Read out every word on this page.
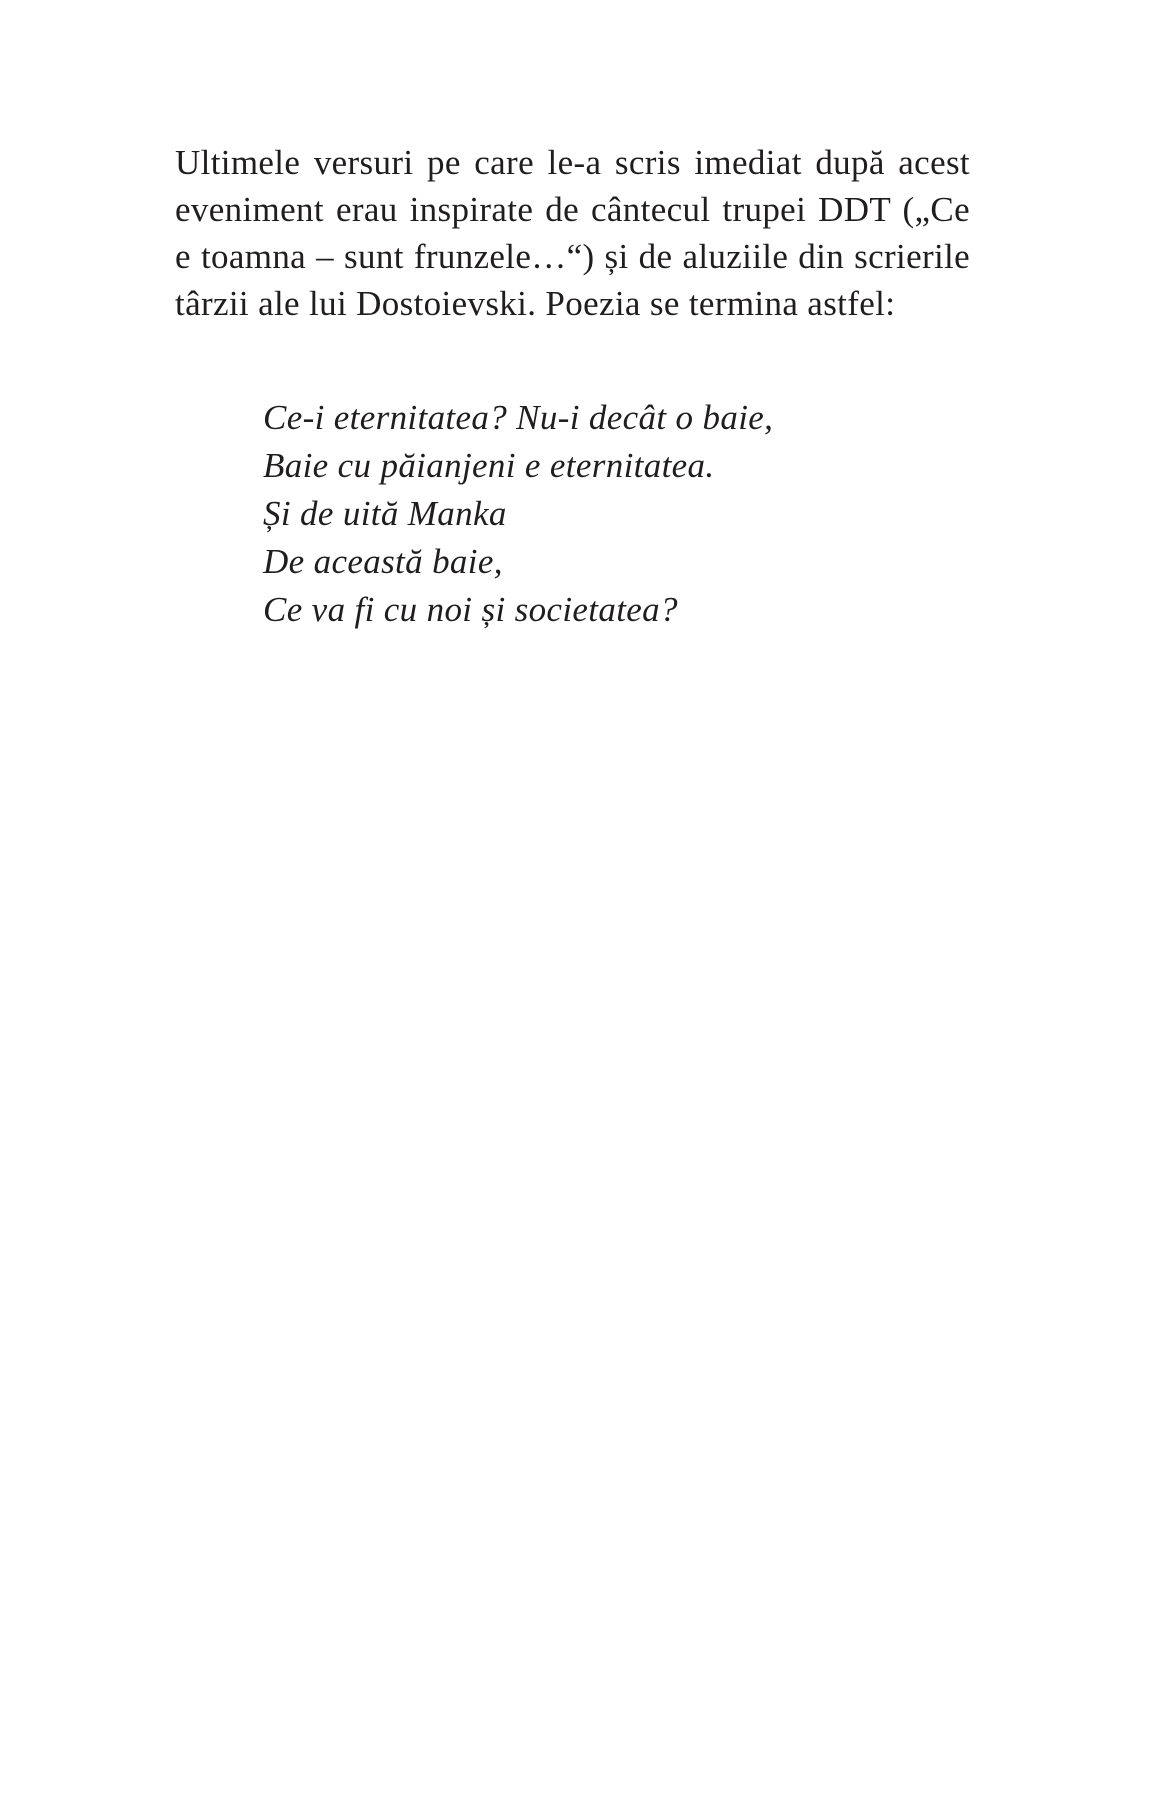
Ultimele versuri pe care le-a scris imediat după acest
eveniment erau inspirate de cântecul trupei DDT („Ce
e toamna – sunt frunzele…“) și de aluziile din scrierile
târzii ale lui Dostoievski. Poezia se termina astfel:
Ce-i eternitatea? Nu-i decât o baie,
Baie cu păianjeni e eternitatea.
Și de uită Manka
De această baie,
Ce va fi cu noi și societatea?
